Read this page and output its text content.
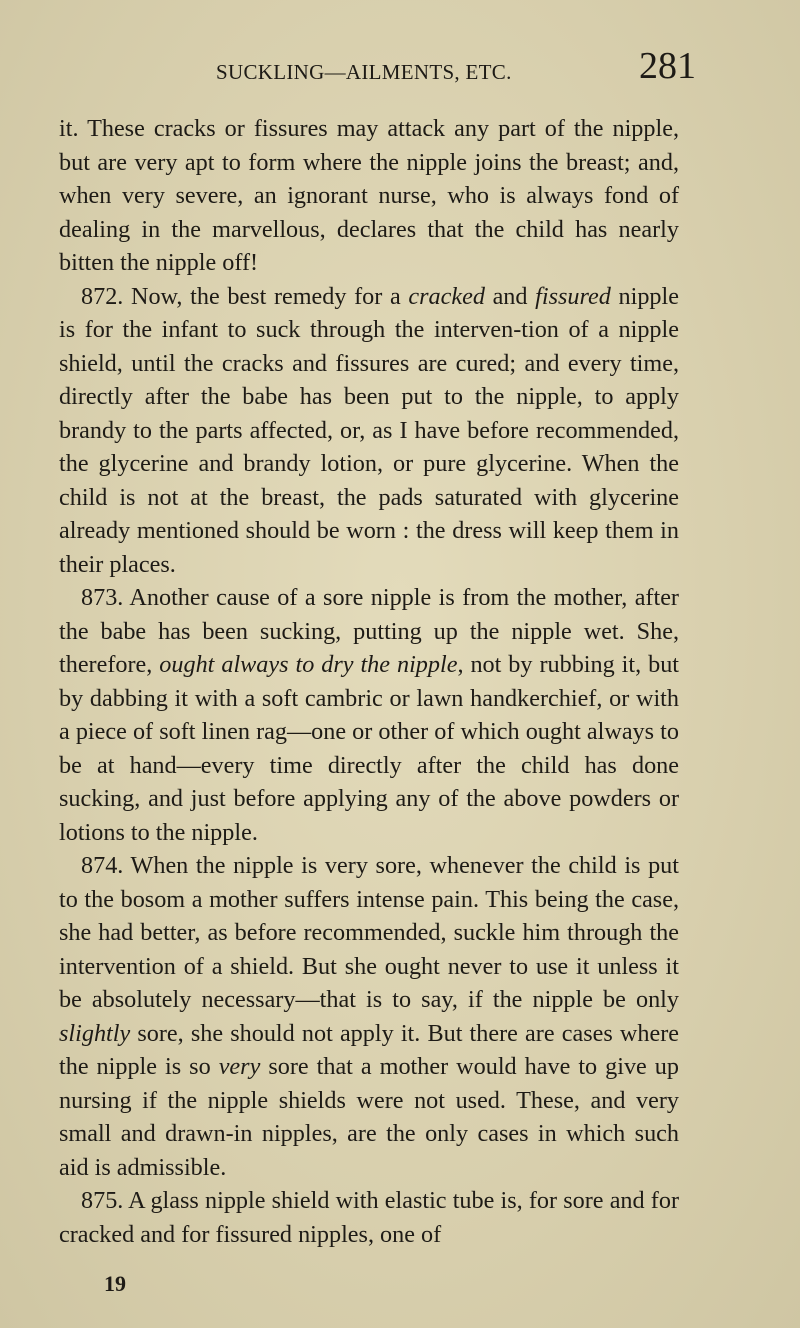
SUCKLING—AILMENTS, ETC.	281

it. These cracks or fissures may attack any part of the nipple, but are very apt to form where the nipple joins the breast; and, when very severe, an ignorant nurse, who is always fond of dealing in the marvellous, declares that the child has nearly bitten the nipple off!

872. Now, the best remedy for a cracked and fissured nipple is for the infant to suck through the interven-tion of a nipple shield, until the cracks and fissures are cured; and every time, directly after the babe has been put to the nipple, to apply brandy to the parts affected, or, as I have before recommended, the glycerine and brandy lotion, or pure glycerine. When the child is not at the breast, the pads saturated with glycerine already mentioned should be worn : the dress will keep them in their places.

873. Another cause of a sore nipple is from the mother, after the babe has been sucking, putting up the nipple wet. She, therefore, ought always to dry the nipple, not by rubbing it, but by dabbing it with a soft cambric or lawn handkerchief, or with a piece of soft linen rag—one or other of which ought always to be at hand—every time directly after the child has done sucking, and just before applying any of the above powders or lotions to the nipple.

874. When the nipple is very sore, whenever the child is put to the bosom a mother suffers intense pain. This being the case, she had better, as before recommended, suckle him through the intervention of a shield. But she ought never to use it unless it be absolutely necessary—that is to say, if the nipple be only slightly sore, she should not apply it. But there are cases where the nipple is so very sore that a mother would have to give up nursing if the nipple shields were not used. These, and very small and drawn-in nipples, are the only cases in which such aid is admissible.

875. A glass nipple shield with elastic tube is, for sore and for cracked and for fissured nipples, one of

19
